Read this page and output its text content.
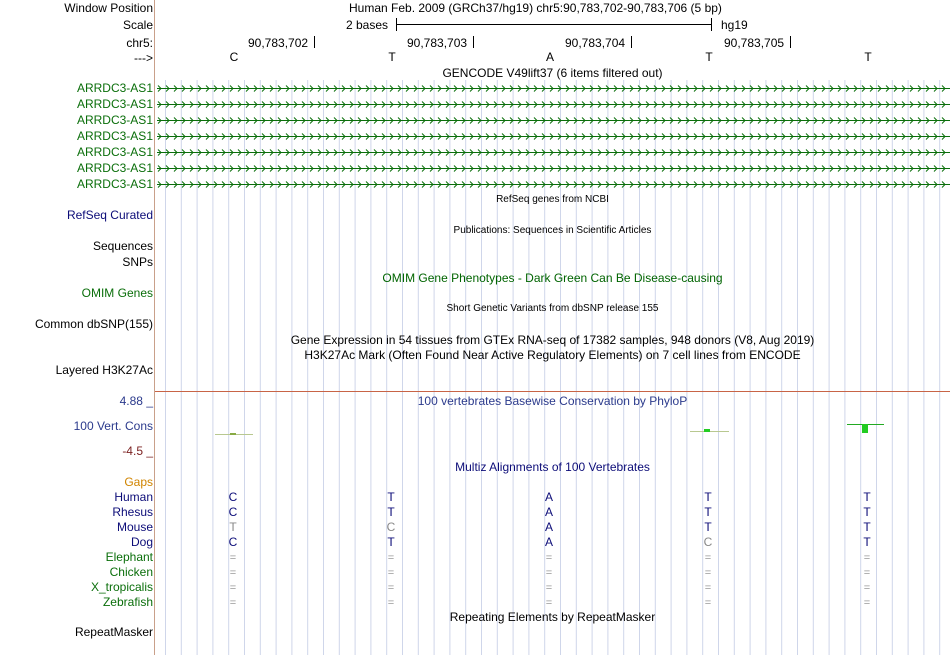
Window Position	Human Feb. 2009 (GRCh37/hg19) chr5:90,783,702-90,783,706 (5 bp)
Scale	2 bases	hg19
chr5:	90,783,702	90,783,703	90,783,704	90,783,705
--->	C	T	A	T	T
GENCODE V49lift37 (6 items filtered out)
ARRDC3-AS1
ARRDC3-AS1
ARRDC3-AS1
ARRDC3-AS1
ARRDC3-AS1
ARRDC3-AS1
ARRDC3-AS1
RefSeq genes from NCBI
RefSeq Curated
Publications: Sequences in Scientific Articles
Sequences
SNPs
OMIM Gene Phenotypes - Dark Green Can Be Disease-causing
OMIM Genes
Short Genetic Variants from dbSNP release 155
Common dbSNP(155)
Gene Expression in 54 tissues from GTEx RNA-seq of 17382 samples, 948 donors (V8, Aug 2019)
H3K27Ac Mark (Often Found Near Active Regulatory Elements) on 7 cell lines from ENCODE
Layered H3K27Ac
4.88 _	100 vertebrates Basewise Conservation by PhyloP
100 Vert. Cons
-4.5 _
Multiz Alignments of 100 Vertebrates
Gaps
Human	C	T	A	T	T
Rhesus	C	T	A	T	T
Mouse	T	C	A	T	T
Dog	C	T	A	C	T
Elephant	=	=	=	=	=
Chicken	=	=	=	=	=
X_tropicalis	=	=	=	=	=
Zebrafish	=	=	=	=	=
Repeating Elements by RepeatMasker
RepeatMasker
